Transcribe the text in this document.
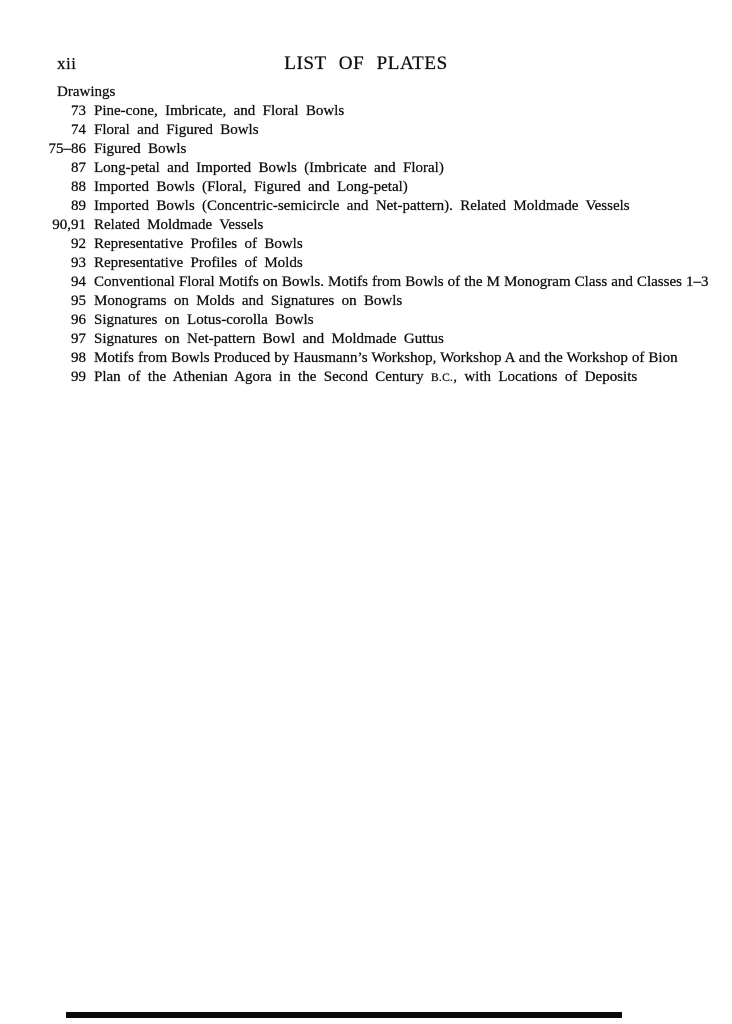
xii	LIST OF PLATES
Drawings
73 Pine-cone, Imbricate, and Floral Bowls
74 Floral and Figured Bowls
75–86 Figured Bowls
87 Long-petal and Imported Bowls (Imbricate and Floral)
88 Imported Bowls (Floral, Figured and Long-petal)
89 Imported Bowls (Concentric-semicircle and Net-pattern). Related Moldmade Vessels
90,91 Related Moldmade Vessels
92 Representative Profiles of Bowls
93 Representative Profiles of Molds
94 Conventional Floral Motifs on Bowls. Motifs from Bowls of the M Monogram Class and Classes 1–3
95 Monograms on Molds and Signatures on Bowls
96 Signatures on Lotus-corolla Bowls
97 Signatures on Net-pattern Bowl and Moldmade Guttus
98 Motifs from Bowls Produced by Hausmann’s Workshop, Workshop A and the Workshop of Bion
99 Plan of the Athenian Agora in the Second Century B.C., with Locations of Deposits
